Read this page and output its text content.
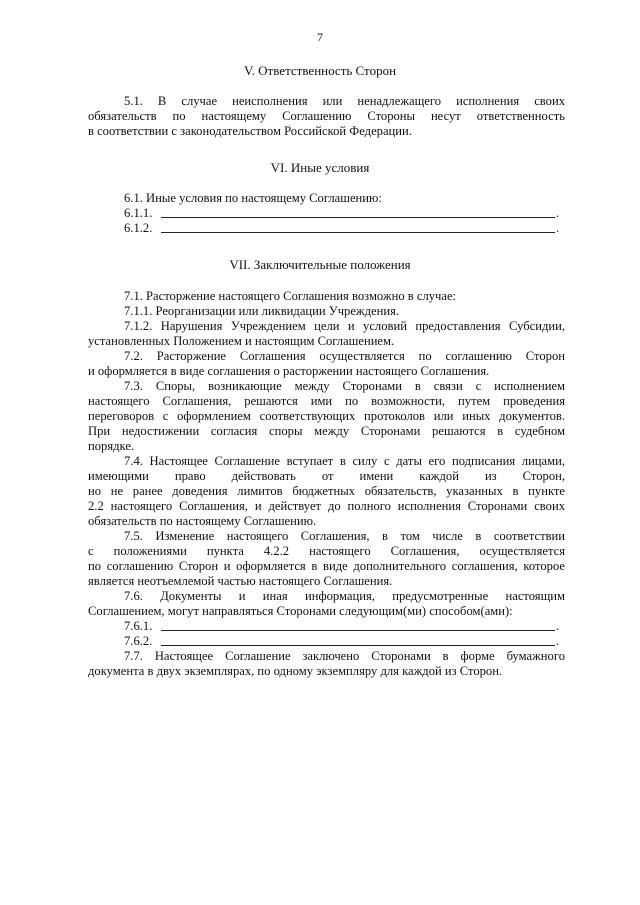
7
V. Ответственность Сторон
5.1. В случае неисполнения или ненадлежащего исполнения своих
обязательств по настоящему Соглашению Стороны несут ответственность
в соответствии с законодательством Российской Федерации.
VI. Иные условия
6.1. Иные условия по настоящему Соглашению:
6.1.1.	.
6.1.2.	.
VII. Заключительные положения
7.1. Расторжение настоящего Соглашения возможно в случае:
7.1.1. Реорганизации или ликвидации Учреждения.
7.1.2. Нарушения Учреждением цели и условий предоставления Субсидии,
установленных Положением и настоящим Соглашением.
7.2. Расторжение Соглашения осуществляется по соглашению Сторон
и оформляется в виде соглашения о расторжении настоящего Соглашения.
7.3. Споры, возникающие между Сторонами в связи с исполнением
настоящего Соглашения, решаются ими по возможности, путем проведения
переговоров с оформлением соответствующих протоколов или иных документов.
При недостижении согласия споры между Сторонами решаются в судебном
порядке.
7.4. Настоящее Соглашение вступает в силу с даты его подписания лицами,
имеющими право действовать от имени каждой из Сторон,
но не ранее доведения лимитов бюджетных обязательств, указанных в пункте
2.2 настоящего Соглашения, и действует до полного исполнения Сторонами своих
обязательств по настоящему Соглашению.
7.5. Изменение настоящего Соглашения, в том числе в соответствии
с положениями пункта 4.2.2 настоящего Соглашения, осуществляется
по соглашению Сторон и оформляется в виде дополнительного соглашения, которое
является неотъемлемой частью настоящего Соглашения.
7.6. Документы и иная информация, предусмотренные настоящим
Соглашением, могут направляться Сторонами следующим(ми) способом(ами):
7.6.1.	.
7.6.2.	.
7.7. Настоящее Соглашение заключено Сторонами в форме бумажного
документа в двух экземплярах, по одному экземпляру для каждой из Сторон.
